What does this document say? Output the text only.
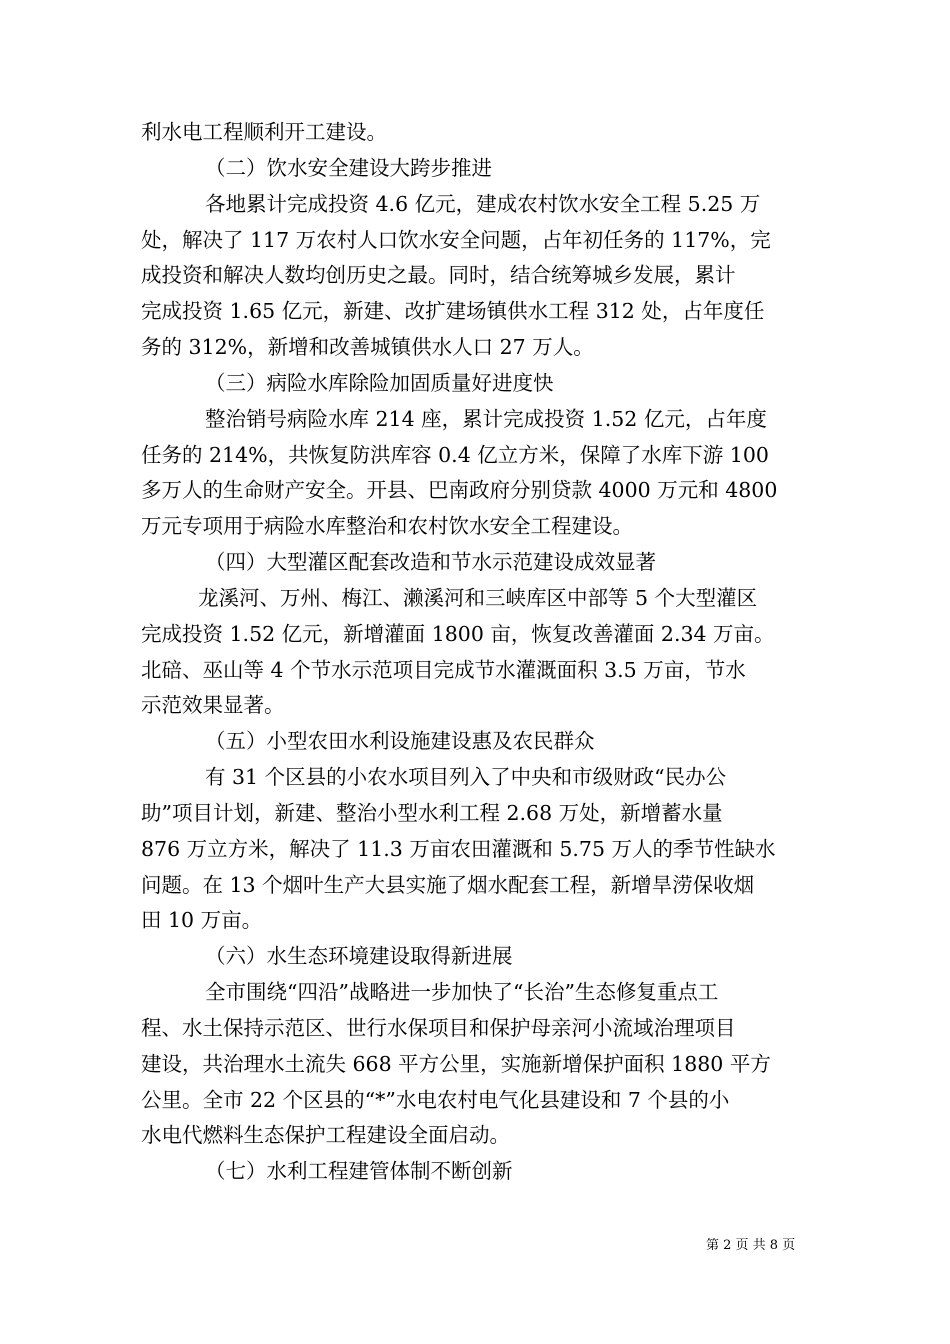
利水电工程顺利开工建设。
（二）饮水安全建设大跨步推进
各地累计完成投资 4.6 亿元，建成农村饮水安全工程 5.25 万
处，解决了 117 万农村人口饮水安全问题，占年初任务的 117%，完
成投资和解决人数均创历史之最。同时，结合统筹城乡发展，累计
完成投资 1.65 亿元，新建、改扩建场镇供水工程 312 处，占年度任
务的 312%，新增和改善城镇供水人口 27 万人。
（三）病险水库除险加固质量好进度快
整治销号病险水库 214 座，累计完成投资 1.52 亿元，占年度
任务的 214%，共恢复防洪库容 0.4 亿立方米，保障了水库下游 100
多万人的生命财产安全。开县、巴南政府分别贷款 4000 万元和 4800
万元专项用于病险水库整治和农村饮水安全工程建设。
（四）大型灌区配套改造和节水示范建设成效显著
龙溪河、万州、梅江、濑溪河和三峡库区中部等 5 个大型灌区
完成投资 1.52 亿元，新增灌面 1800 亩，恢复改善灌面 2.34 万亩。
北碚、巫山等 4 个节水示范项目完成节水灌溉面积 3.5 万亩，节水
示范效果显著。
（五）小型农田水利设施建设惠及农民群众
有 31 个区县的小农水项目列入了中央和市级财政“民办公
助”项目计划，新建、整治小型水利工程 2.68 万处，新增蓄水量
876 万立方米，解决了 11.3 万亩农田灌溉和 5.75 万人的季节性缺水
问题。在 13 个烟叶生产大县实施了烟水配套工程，新增旱涝保收烟
田 10 万亩。
（六）水生态环境建设取得新进展
全市围绕“四沿”战略进一步加快了“长治”生态修复重点工
程、水土保持示范区、世行水保项目和保护母亲河小流域治理项目
建设，共治理水土流失 668 平方公里，实施新增保护面积 1880 平方
公里。全市 22 个区县的“*”水电农村电气化县建设和 7 个县的小
水电代燃料生态保护工程建设全面启动。
（七）水利工程建管体制不断创新
第 2 页 共 8 页
